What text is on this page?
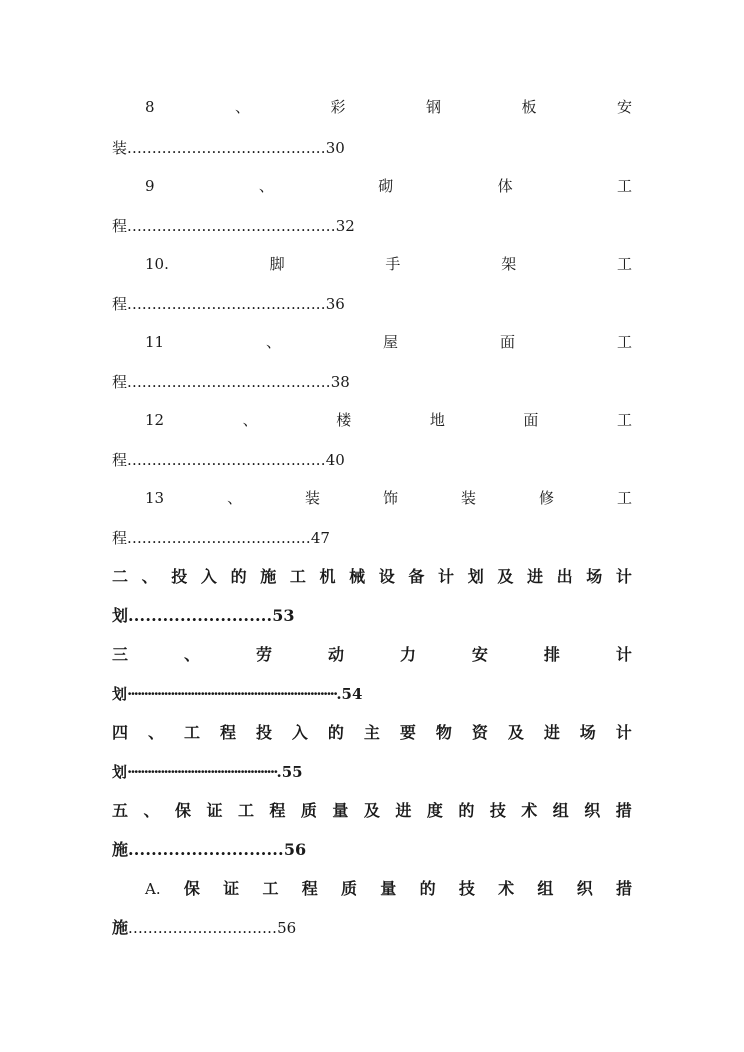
8	、	彩	钢	板	安
装........................................30
9	、	砌	体	工
程..........................................32
10.	脚	手	架	工
程........................................36
11	、	屋	面	工
程.........................................38
12	、	楼	地	面	工
程........................................40
13	、	装	饰	装	修	工
程.....................................47
二 、 投 入 的 施 工 机 械 设 备 计 划 及 进 出 场 计
划.........................53
三	、	劳	动	力	安	排	计
划·······························································.54
四 、 工 程 投 入 的 主 要 物 资 及 进 场 计
划·············································.55
五 、 保 证 工 程 质 量 及 进 度 的 技 术 组 织 措
施...........................56
A. 保 证 工 程 质 量 的 技 术 组 织 措
施..............................56
